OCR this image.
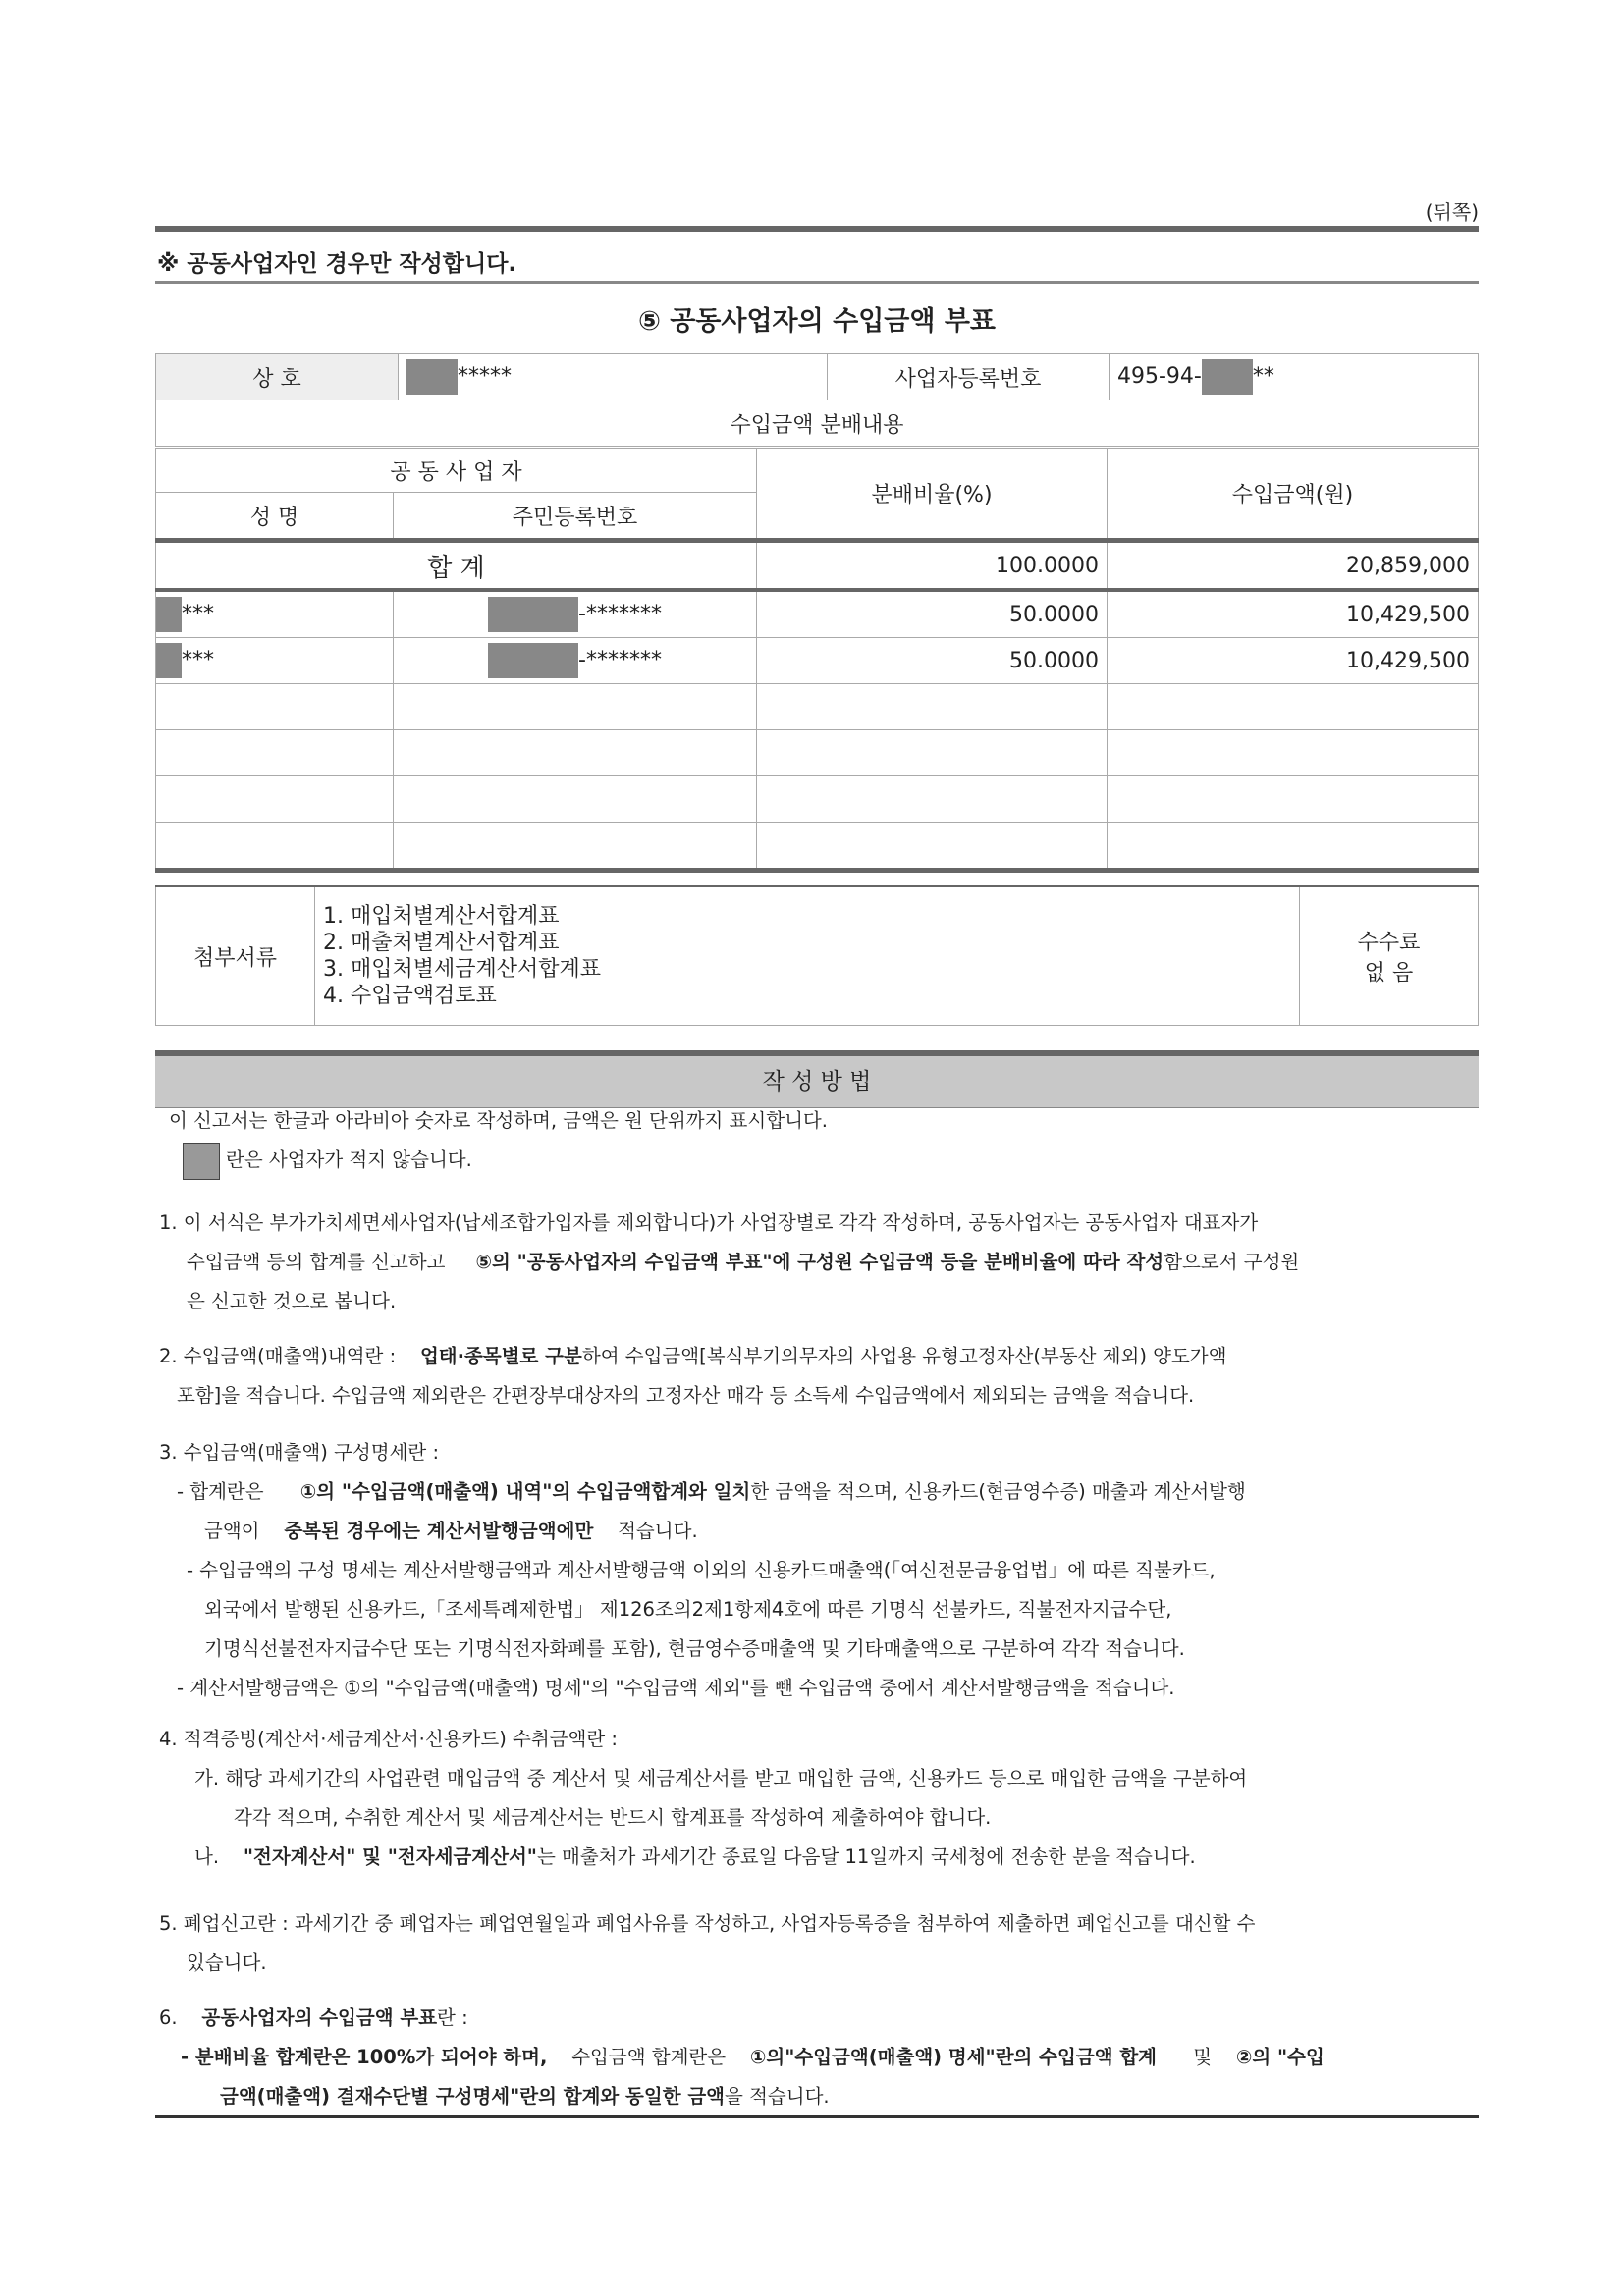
(뒤쪽)
※ 공동사업자인 경우만 작성합니다.
⑤ 공동사업자의 수입금액 부표
상 호	*****	사업자등록번호	495-94- **
수입금액 분배내용
공 동 사 업 자		분배비율(%)	수입금액(원)
성 명	주민등록번호		
합 계		100.0000	20,859,000
***	-*******	50.0000	10,429,500
***	-*******	50.0000	10,429,500

첨부서류	
1. 매입처별계산서합계표
2. 매출처별계산서합계표
3. 매입처별세금계산서합계표
4. 수입금액검토표

수수료
없 음
작 성 방 법

이 신고서는 한글과 아라비아 숫자로 작성하며, 금액은 원 단위까지 표시합니다.

란은 사업자가 적지 않습니다.

1. 이 서식은 부가가치세면세사업자(납세조합가입자를 제외합니다)가 사업장별로 각각 작성하며, 공동사업자는 공동사업자 대표자가

수입금액 등의 합계를 신고하고 ⑤의 "공동사업자의 수입금액 부표"에 구성원 수입금액 등을 분배비율에 따라 작성함으로서 구성원

은 신고한 것으로 봅니다.

2. 수입금액(매출액)내역란 : 업태·종목별로 구분하여 수입금액[복식부기의무자의 사업용 유형고정자산(부동산 제외) 양도가액

포함]을 적습니다. 수입금액 제외란은 간편장부대상자의 고정자산 매각 등 소득세 수입금액에서 제외되는 금액을 적습니다.

3. 수입금액(매출액) 구성명세란 :

- 합계란은 ①의 "수입금액(매출액) 내역"의 수입금액합계와 일치한 금액을 적으며, 신용카드(현금영수증) 매출과 계산서발행

금액이 중복된 경우에는 계산서발행금액에만 적습니다.

- 수입금액의 구성 명세는 계산서발행금액과 계산서발행금액 이외의 신용카드매출액(「여신전문금융업법」에 따른 직불카드,

외국에서 발행된 신용카드,「조세특례제한법」 제126조의2제1항제4호에 따른 기명식 선불카드, 직불전자지급수단,

기명식선불전자지급수단 또는 기명식전자화폐를 포함), 현금영수증매출액 및 기타매출액으로 구분하여 각각 적습니다.

- 계산서발행금액은 ①의 "수입금액(매출액) 명세"의 "수입금액 제외"를 뺀 수입금액 중에서 계산서발행금액을 적습니다.

4. 적격증빙(계산서·세금계산서·신용카드) 수취금액란 :

가. 해당 과세기간의 사업관련 매입금액 중 계산서 및 세금계산서를 받고 매입한 금액, 신용카드 등으로 매입한 금액을 구분하여

각각 적으며, 수취한 계산서 및 세금계산서는 반드시 합계표를 작성하여 제출하여야 합니다.

나. "전자계산서" 및 "전자세금계산서"는 매출처가 과세기간 종료일 다음달 11일까지 국세청에 전송한 분을 적습니다.

5. 폐업신고란 : 과세기간 중 폐업자는 폐업연월일과 폐업사유를 작성하고, 사업자등록증을 첨부하여 제출하면 폐업신고를 대신할 수

있습니다.

6. 공동사업자의 수입금액 부표란 :

- 분배비율 합계란은 100%가 되어야 하며, 수입금액 합계란은 ①의"수입금액(매출액) 명세"란의 수입금액 합계 및 ②의 "수입

금액(매출액) 결재수단별 구성명세"란의 합계와 동일한 금액을 적습니다.
